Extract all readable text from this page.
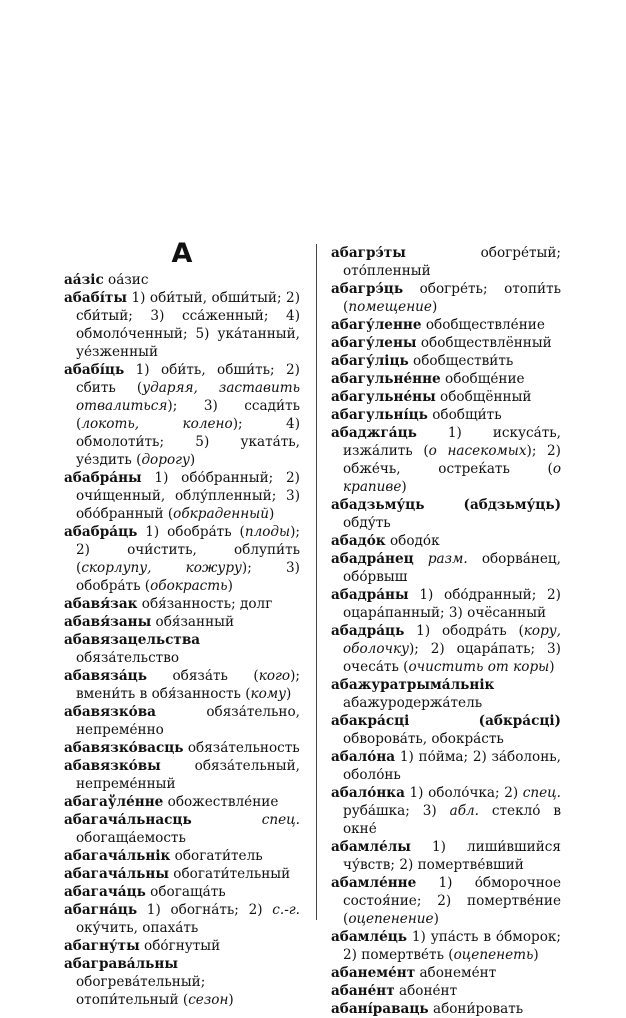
А

аа́зіс оа́зис

абабі́ты 1) оби́тый, обши́тый; 2) сби́тый; 3) сса́женный; 4) обмоло́ченный; 5) ука́танный, уе́зженный

абабі́ць 1) оби́ть, обши́ть; 2) сбить (ударяя, заставить отвалиться); 3) ссади́ть (локоть, колено); 4) обмолоти́ть; 5) уката́ть, уе́здить (дорогу)

абабра́ны 1) обо́бранный; 2) очи́щенный, облу́пленный; 3) обо́бранный (обкраденный)

абабра́ць 1) обобра́ть (плоды); 2) очи́стить, облупи́ть (скорлупу, кожуру); 3) обобра́ть (обокрасть)

абавя́зак обя́занность; долг

абавя́заны обя́занный

абавязацельства обяза́тельство

абавяза́ць обяза́ть (кого); вмени́ть в обя́занность (кому)

абавязко́ва обяза́тельно, непреме́нно

абавязко́васць обяза́тельность

абавязко́вы обяза́тельный, непреме́нный

абагаўле́нне обожествле́ние

абагача́льнасць	спец. обогаща́емость

абагача́льнік обогати́тель

абагача́льны обогати́тельный

абагача́ць обогаща́ть

абагна́ць 1) обогна́ть; 2) с.-г. оку́чить, опаха́ть

абагну́ты обо́гнутый

абаграва́льны обогрева́тельный; отопи́тельный (сезон)

абагрэ́ты обогре́тый; ото́пленный

абагрэ́ць обогре́ть; отопи́ть (помещение)

абагу́ленне обобществле́ние

абагу́лены обобществлённый

абагу́ліць обобществи́ть

абагульне́нне обобще́ние

абагульне́ны обобщённый

абагульні́ць обобщи́ть

абаджга́ць 1) искуса́ть, изжа́лить (о насекомых); 2) обже́чь, остреќать (о крапиве)

абадзьму́ць (абдзьму́ць) обду́ть

абадо́к ободо́к

абадра́нец разм. оборва́нец, обо́рвыш

абадра́ны 1) обо́дранный; 2) оцара́панный; 3) очёсанный

абадра́ць 1) ободра́ть (кору, оболочку); 2) оцара́пать; 3) очеса́ть (очистить от коры)

абажуратрыма́льнік абажуродержа́тель

абакра́сці (абкра́сці) обворова́ть, обокра́сть

абало́на 1) по́йма; 2) за́болонь, оболо́нь

абало́нка 1) оболо́чка; 2) спец. руба́шка; 3) абл. стекло́ в окне́

абамле́лы 1) лиши́вшийся чу́вств; 2) помертве́вший

абамле́нне 1) о́бморочное состоя́ние; 2) помертве́ние (оцепенение)

абамле́ць 1) упа́сть в о́бморок; 2) помертве́ть (оцепенеть)

абанеме́нт абонеме́нт

абане́нт абоне́нт

абані́раваць абони́ровать
